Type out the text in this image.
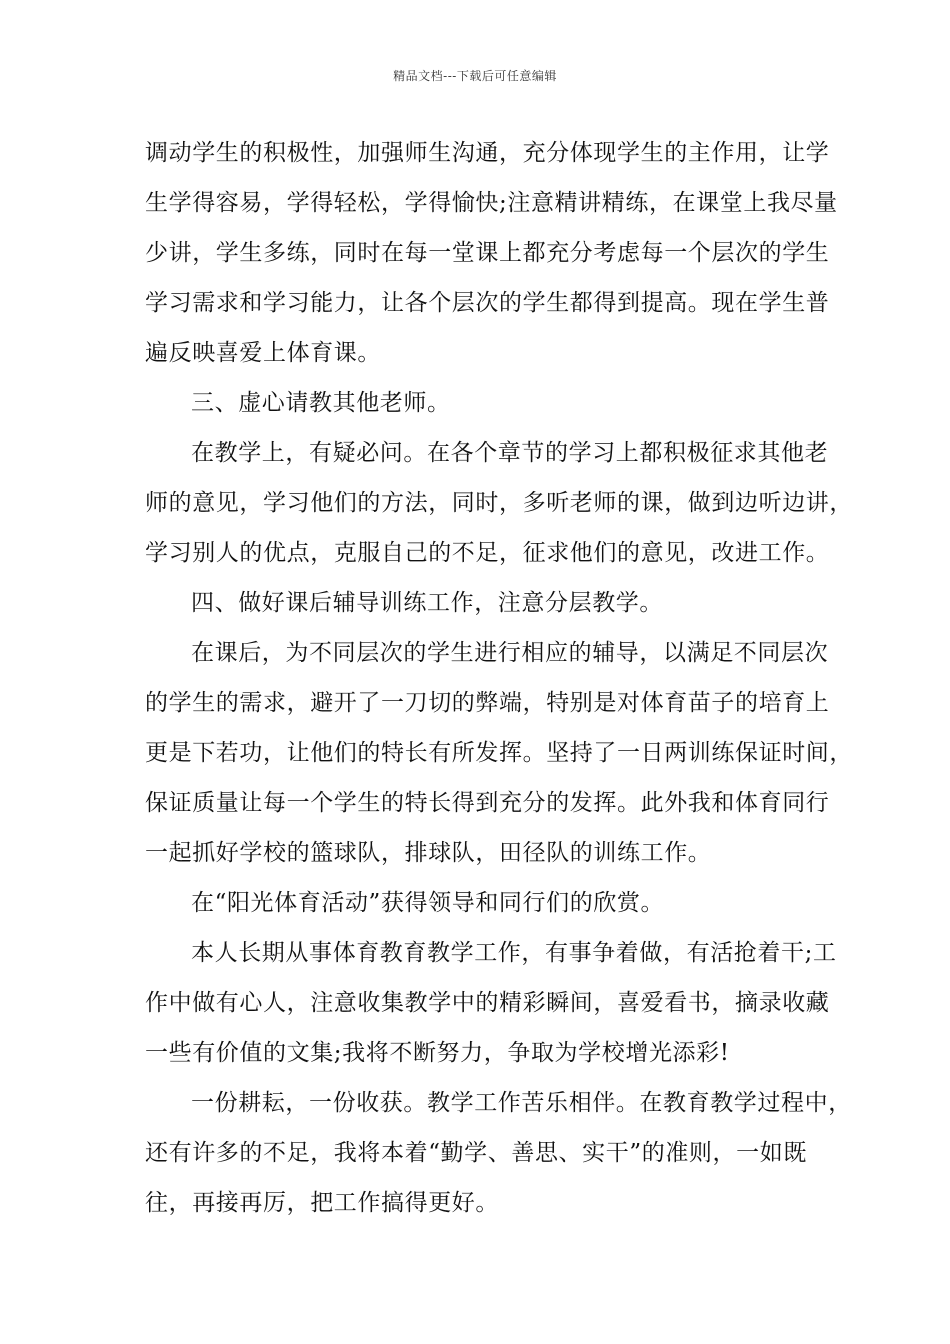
精品文档---下载后可任意编辑
调动学生的积极性，加强师生沟通，充分体现学生的主作用，让学
生学得容易，学得轻松，学得愉快;注意精讲精练，在课堂上我尽量
少讲，学生多练，同时在每一堂课上都充分考虑每一个层次的学生
学习需求和学习能力，让各个层次的学生都得到提高。现在学生普
遍反映喜爱上体育课。
三、虚心请教其他老师。
在教学上，有疑必问。在各个章节的学习上都积极征求其他老
师的意见，学习他们的方法，同时，多听老师的课，做到边听边讲，
学习别人的优点，克服自己的不足，征求他们的意见，改进工作。
四、做好课后辅导训练工作，注意分层教学。
在课后，为不同层次的学生进行相应的辅导，以满足不同层次
的学生的需求，避开了一刀切的弊端，特别是对体育苗子的培育上
更是下若功，让他们的特长有所发挥。坚持了一日两训练保证时间，
保证质量让每一个学生的特长得到充分的发挥。此外我和体育同行
一起抓好学校的篮球队，排球队，田径队的训练工作。
在“阳光体育活动”获得领导和同行们的欣赏。
本人长期从事体育教育教学工作，有事争着做，有活抢着干;工
作中做有心人，注意收集教学中的精彩瞬间，喜爱看书，摘录收藏
一些有价值的文集;我将不断努力，争取为学校增光添彩!
一份耕耘，一份收获。教学工作苦乐相伴。在教育教学过程中，
还有许多的不足，我将本着“勤学、善思、实干”的准则，一如既
往，再接再厉，把工作搞得更好。
